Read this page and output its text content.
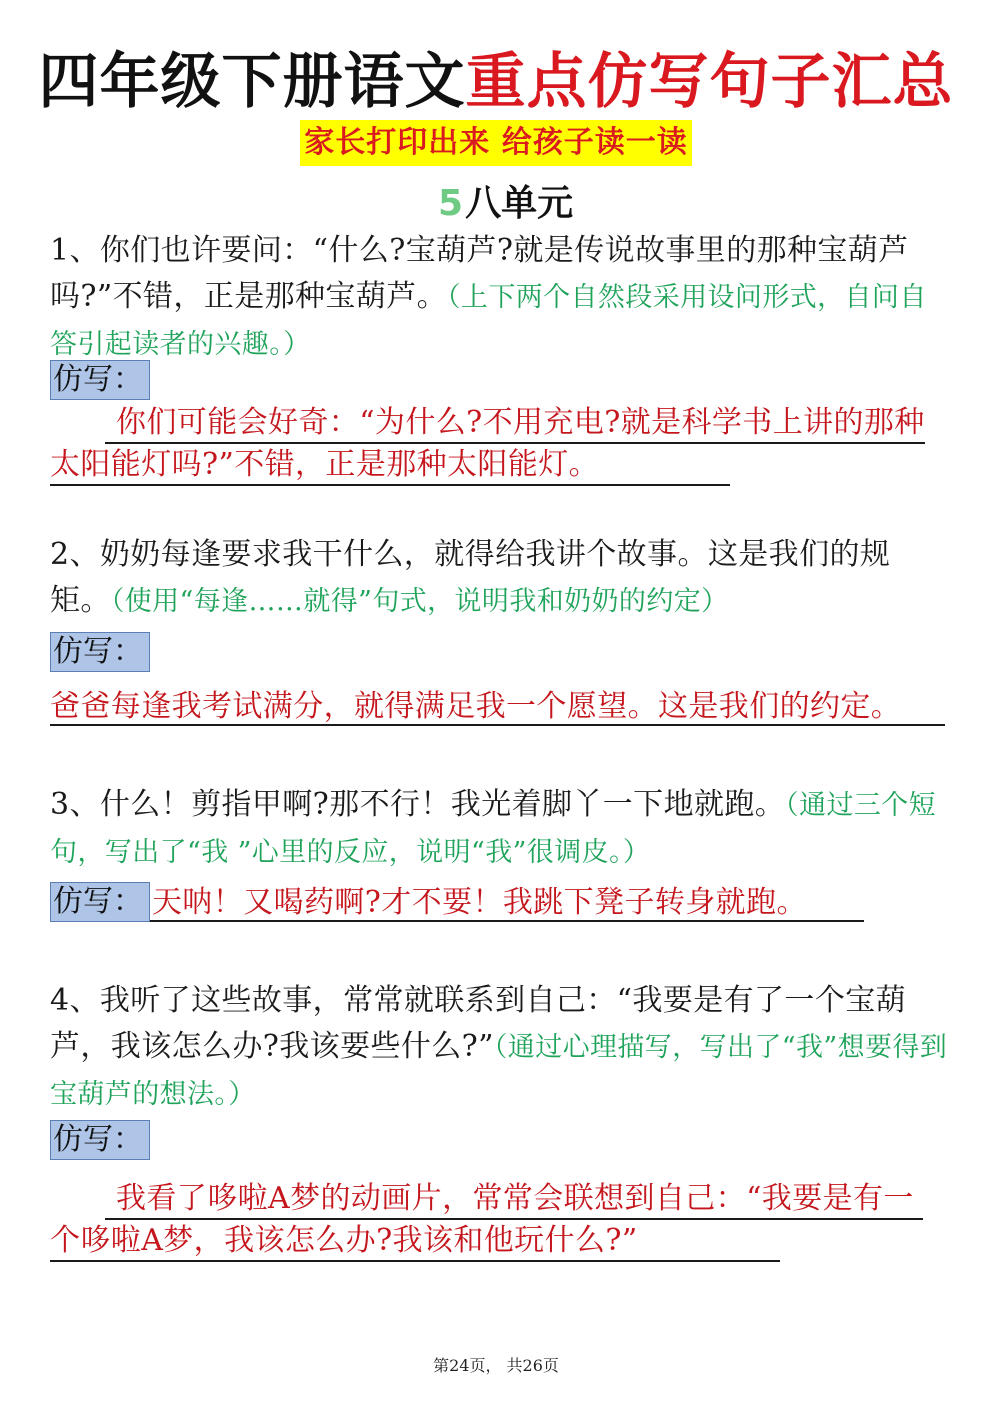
四年级下册语文重点仿写句子汇总
家长打印出来 给孩子读一读
5八单元
1、你们也许要问：“什么?宝葫芦?就是传说故事里的那种宝葫芦吗?”不错，正是那种宝葫芦。（上下两个自然段采用设问形式，自问自答引起读者的兴趣。）
仿写：
你们可能会好奇：“为什么?不用充电?就是科学书上讲的那种太阳能灯吗?”不错，正是那种太阳能灯。
2、奶奶每逢要求我干什么，就得给我讲个故事。这是我们的规矩。（使用“每逢……就得”句式，说明我和奶奶的约定）
仿写：
爸爸每逢我考试满分，就得满足我一个愿望。这是我们的约定。
3、什么！剪指甲啊?那不行！我光着脚丫一下地就跑。（通过三个短句，写出了“我 ”心里的反应，说明“我”很调皮。）
仿写： 天呐！又喝药啊?才不要！我跳下凳子转身就跑。
4、我听了这些故事，常常就联系到自己：“我要是有了一个宝葫芦，我该怎么办?我该要些什么?”（通过心理描写，写出了“我”想要得到宝葫芦的想法。）
仿写：
我看了哆啦A梦的动画片，常常会联想到自己：“我要是有一个哆啦A梦，我该怎么办?我该和他玩什么?”
第24页， 共26页
